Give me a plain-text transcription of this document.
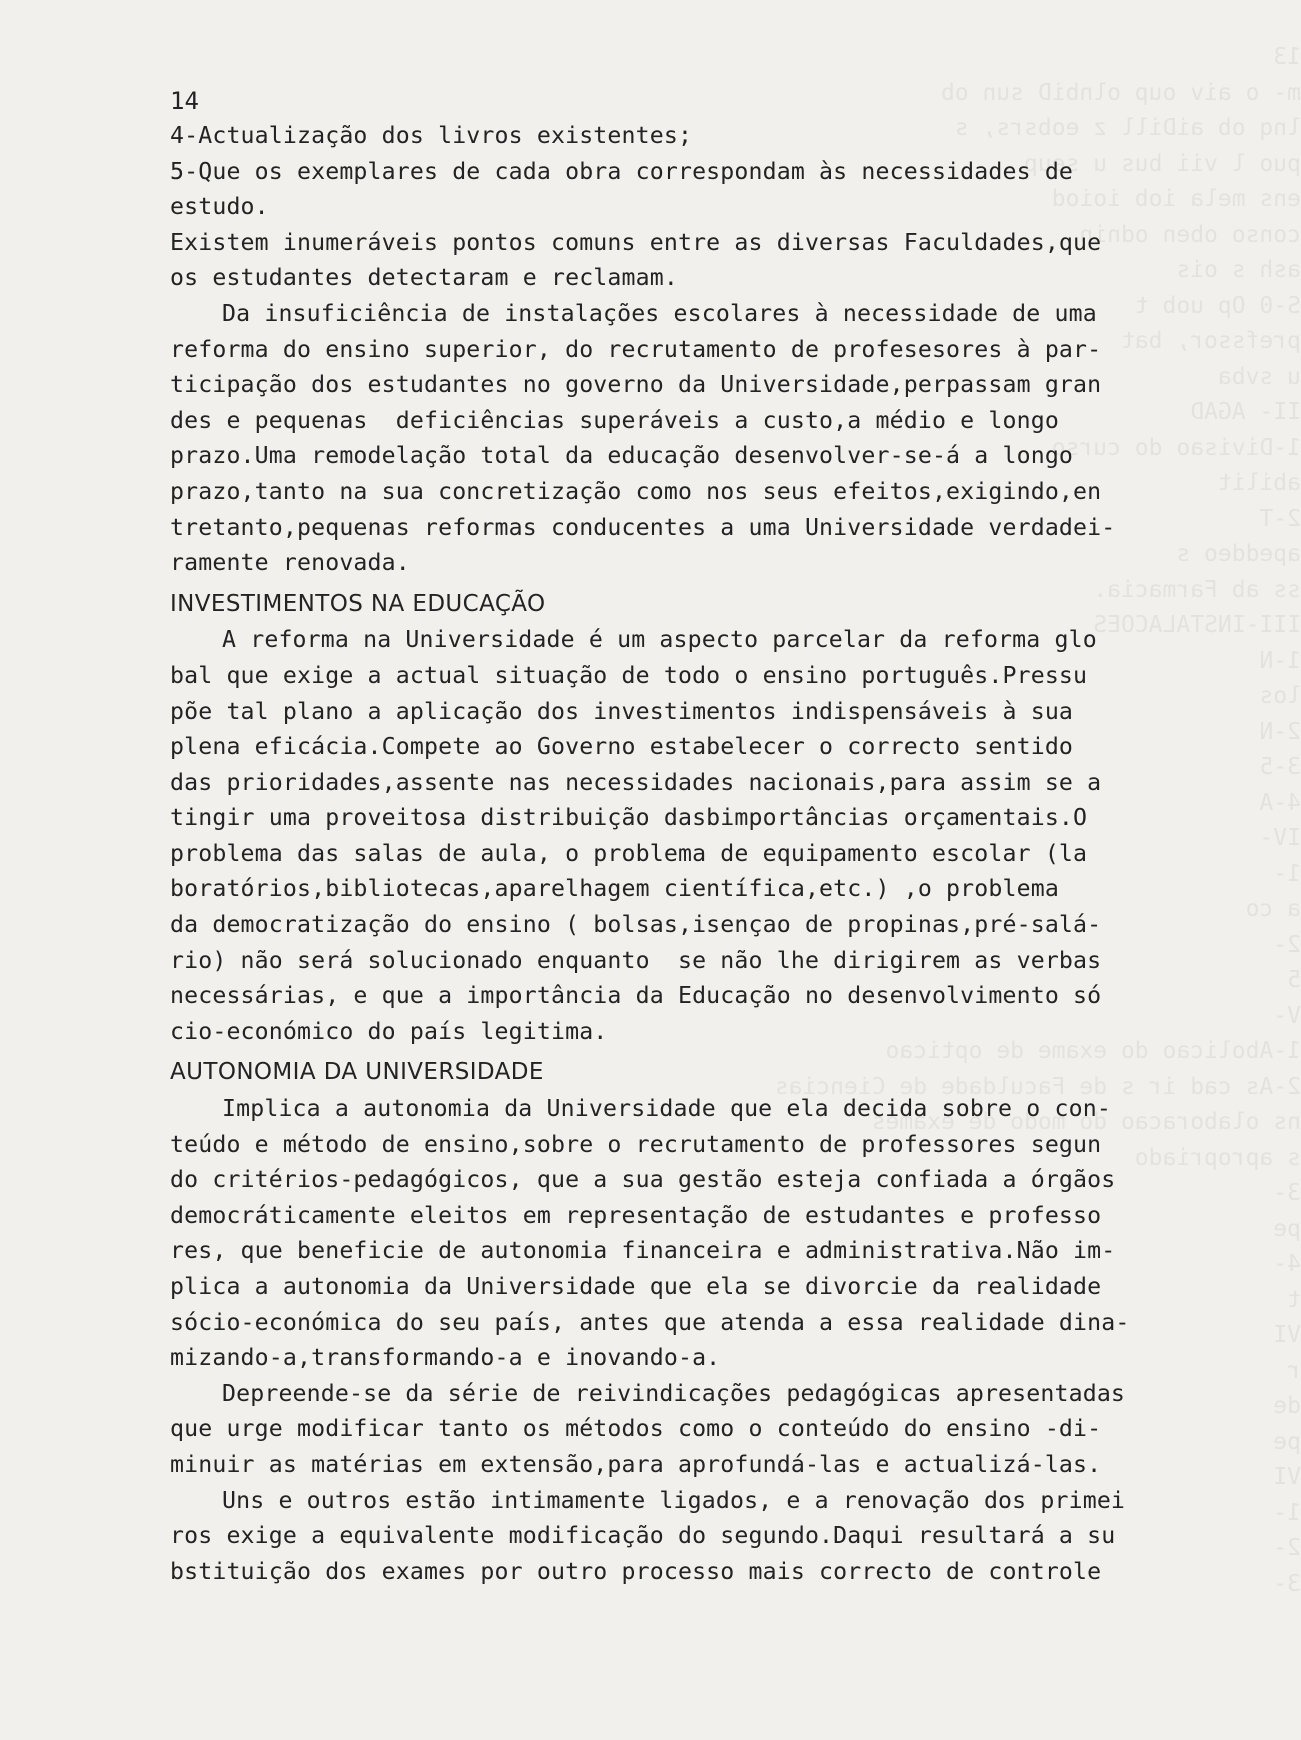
13
m- o aiv oup olnbiD sun ob
lnq ob aiDill z eobsrs, s
puo l vii bus u seup
ens mela iob ioiod
conso oben odnin
ash s ois
S-0 Op uob t
prefssor, bat
u svba
II- AGAD
1-Divisao do curso
abilit
2-T
apeddeo s
ss ab Farmacia.
III-INSTALACOES
1-N
los
2-N
3-5
4-A
IV-
1-
a co
2-
5
V-
1-Abolicao do exame de opticao
2-As cad ir s de Faculdade de Ciencias
ns olaboracao do modo de exames
s apropriado
3-
pe
4-
t
VI
r
de
pe
VI
1-
2-
3-
14
4-Actualização dos livros existentes;
5-Que os exemplares de cada obra correspondam às necessidades de
estudo.
Existem inumeráveis pontos comuns entre as diversas Faculdades,que
os estudantes detectaram e reclamam.
Da insuficiência de instalações escolares à necessidade de uma
reforma do ensino superior, do recrutamento de profesesores à par-
ticipação dos estudantes no governo da Universidade,perpassam gran
des e pequenas  deficiências superáveis a custo,a médio e longo
prazo.Uma remodelação total da educação desenvolver-se-á a longo
prazo,tanto na sua concretização como nos seus efeitos,exigindo,en
tretanto,pequenas reformas conducentes a uma Universidade verdadei-
ramente renovada.
INVESTIMENTOS NA EDUCAÇÃO
A reforma na Universidade é um aspecto parcelar da reforma glo
bal que exige a actual situação de todo o ensino português.Pressu
põe tal plano a aplicação dos investimentos indispensáveis à sua
plena eficácia.Compete ao Governo estabelecer o correcto sentido
das prioridades,assente nas necessidades nacionais,para assim se a
tingir uma proveitosa distribuição dasbimportâncias orçamentais.O
problema das salas de aula, o problema de equipamento escolar (la
boratórios,bibliotecas,aparelhagem científica,etc.) ,o problema
da democratização do ensino ( bolsas,isençao de propinas,pré-salá-
rio) não será solucionado enquanto  se não lhe dirigirem as verbas
necessárias, e que a importância da Educação no desenvolvimento só
cio-económico do país legitima.
AUTONOMIA DA UNIVERSIDADE
Implica a autonomia da Universidade que ela decida sobre o con-
teúdo e método de ensino,sobre o recrutamento de professores segun
do critérios-pedagógicos, que a sua gestão esteja confiada a órgãos
democráticamente eleitos em representação de estudantes e professo
res, que beneficie de autonomia financeira e administrativa.Não im-
plica a autonomia da Universidade que ela se divorcie da realidade
sócio-económica do seu país, antes que atenda a essa realidade dina-
mizando-a,transformando-a e inovando-a.
Depreende-se da série de reivindicações pedagógicas apresentadas
que urge modificar tanto os métodos como o conteúdo do ensino -di-
minuir as matérias em extensão,para aprofundá-las e actualizá-las.
Uns e outros estão intimamente ligados, e a renovação dos primei
ros exige a equivalente modificação do segundo.Daqui resultará a su
bstituição dos exames por outro processo mais correcto de controle
